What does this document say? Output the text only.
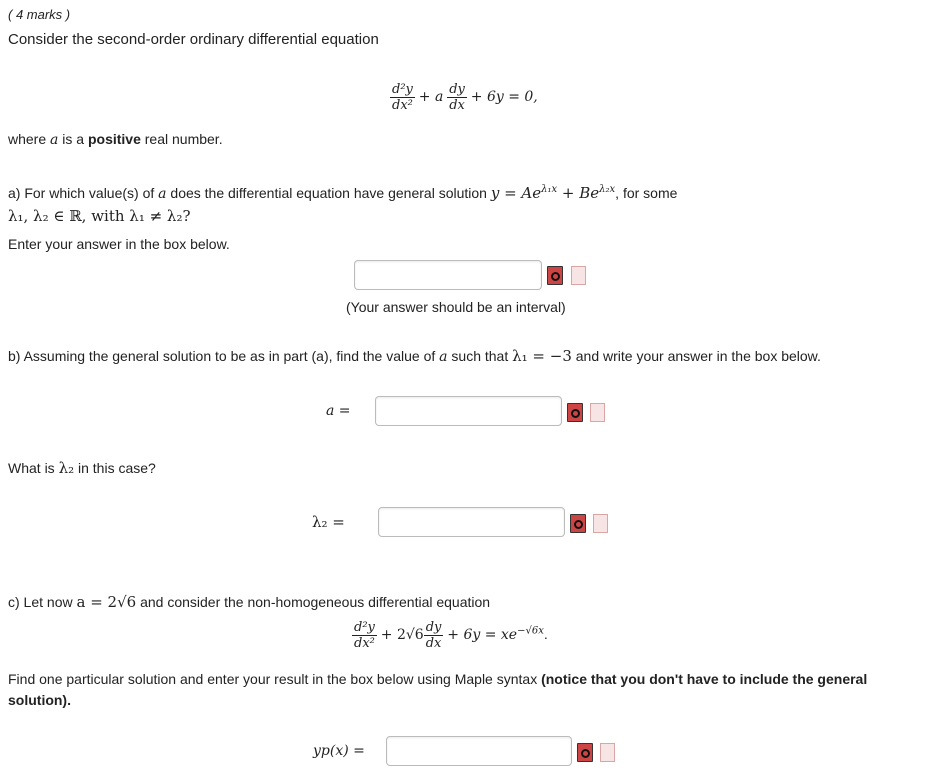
( 4 marks )
Consider the second-order ordinary differential equation
$\frac{\text{d²y}}{\text{dx²}} + a \frac{dy}{dx} + 6y = 0$,
where a is a positive real number.
a) For which value(s) of a does the differential equation have general solution $y = Ae^{\lambda_1x} + Be^{\lambda_2x}$, for some
λ₁, λ₂ ∈ ℝ, with λ₁ ≠ λ₂?
Enter your answer in the box below.
(Your answer should be an interval)
b) Assuming the general solution to be as in part (a), find the value of a such that λ₁ = −3 and write your answer in the box below.
a =
What is λ₂ in this case?
λ₂ =
c) Let now a = 2√6 and consider the non-homogeneous differential equation
$\frac{\text{d²y}}{\text{dx²}} + 2√6 \frac{dy}{dx} + 6y = xe^{-√6x}$.
Find one particular solution and enter your result in the box below using Maple syntax (notice that you don't have to include the general solution).
yp(x) =
